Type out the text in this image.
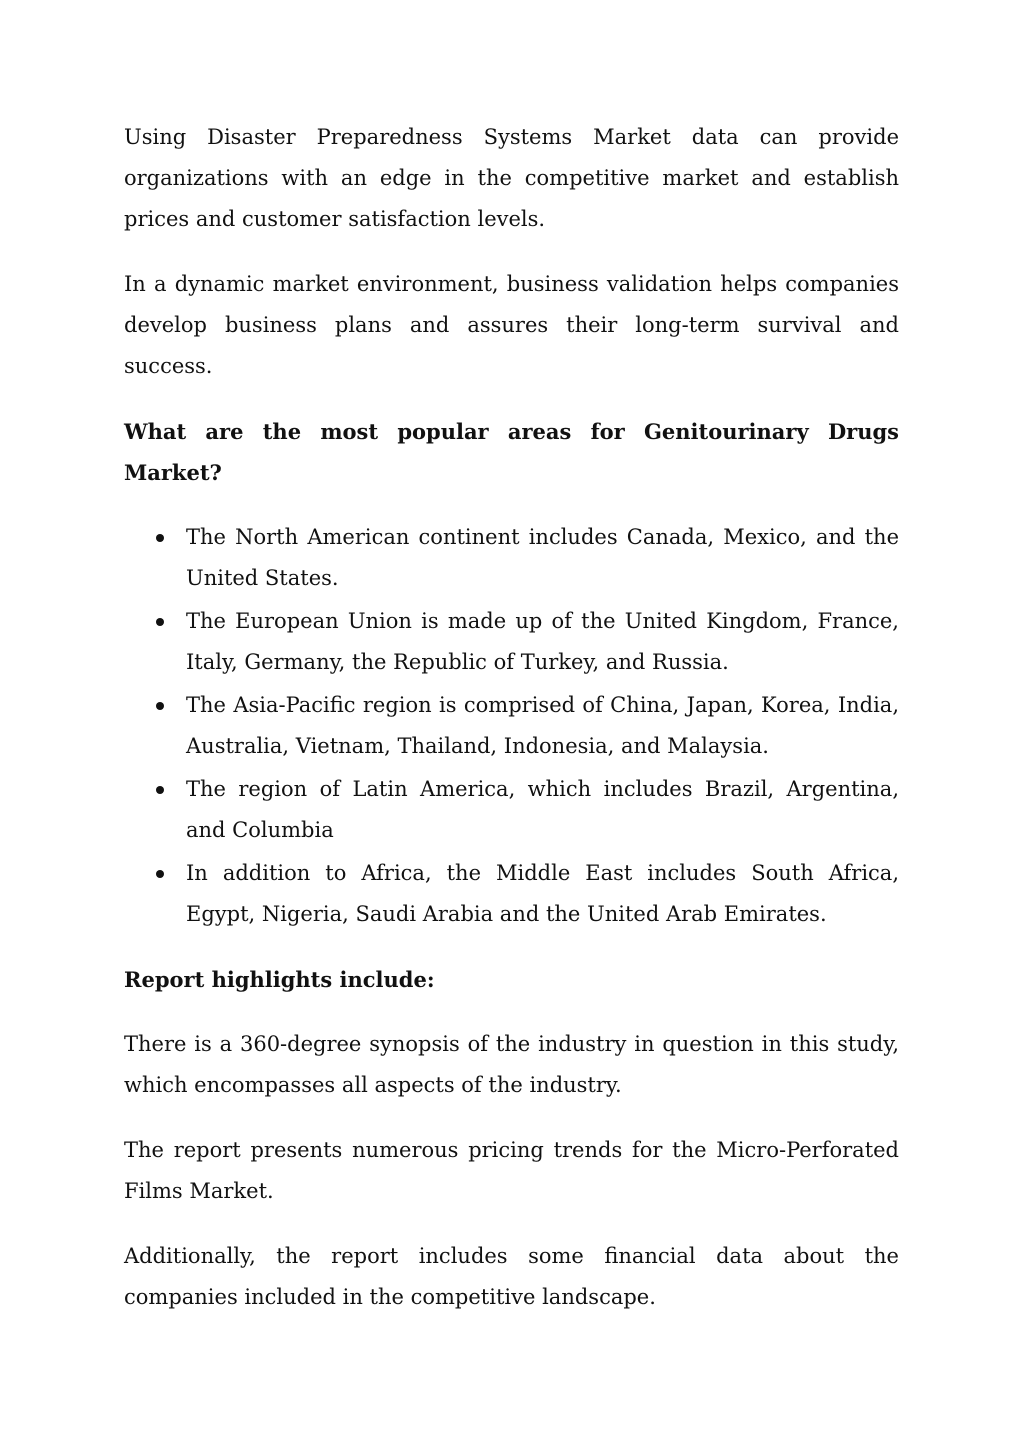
Using Disaster Preparedness Systems Market data can provide organizations with an edge in the competitive market and establish prices and customer satisfaction levels.

In a dynamic market environment, business validation helps companies develop business plans and assures their long-term survival and success.

What are the most popular areas for Genitourinary Drugs Market?

The North American continent includes Canada, Mexico, and the United States.
The European Union is made up of the United Kingdom, France, Italy, Germany, the Republic of Turkey, and Russia.
The Asia-Pacific region is comprised of China, Japan, Korea, India, Australia, Vietnam, Thailand, Indonesia, and Malaysia.
The region of Latin America, which includes Brazil, Argentina, and Columbia
In addition to Africa, the Middle East includes South Africa, Egypt, Nigeria, Saudi Arabia and the United Arab Emirates.

Report highlights include:

There is a 360-degree synopsis of the industry in question in this study, which encompasses all aspects of the industry.

The report presents numerous pricing trends for the Micro-Perforated Films Market.

Additionally, the report includes some financial data about the companies included in the competitive landscape.
